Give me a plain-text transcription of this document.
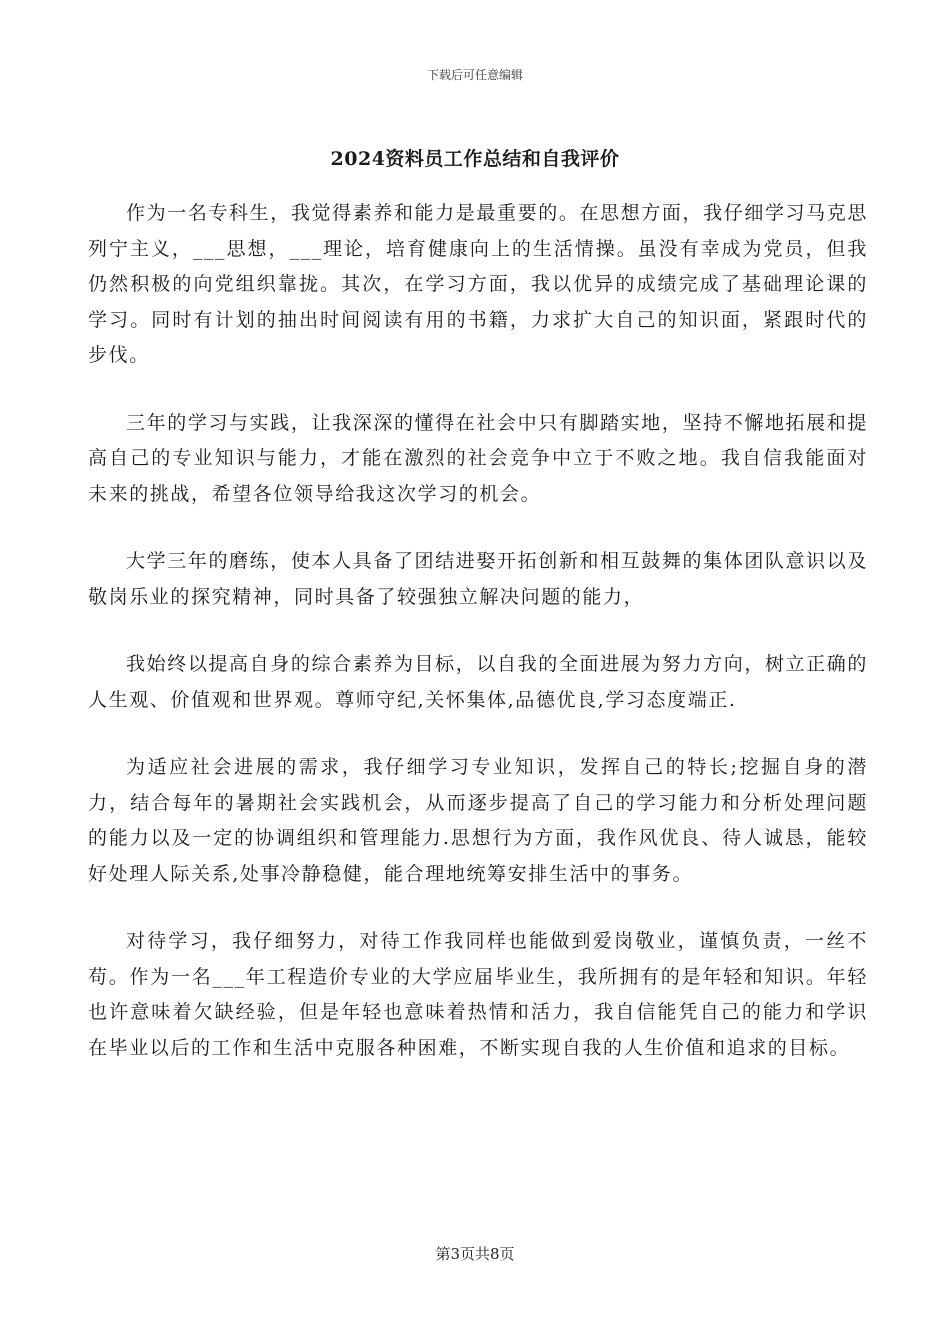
下载后可任意编辑
2024资料员工作总结和自我评价

作为一名专科生，我觉得素养和能力是最重要的。在思想方面，我仔细学习马克思列宁主义，___思想，___理论，培育健康向上的生活情操。虽没有幸成为党员，但我仍然积极的向党组织靠拢。其次，在学习方面，我以优异的成绩完成了基础理论课的学习。同时有计划的抽出时间阅读有用的书籍，力求扩大自己的知识面，紧跟时代的步伐。

三年的学习与实践，让我深深的懂得在社会中只有脚踏实地，坚持不懈地拓展和提高自己的专业知识与能力，才能在激烈的社会竞争中立于不败之地。我自信我能面对未来的挑战，希望各位领导给我这次学习的机会。

大学三年的磨练，使本人具备了团结进娶开拓创新和相互鼓舞的集体团队意识以及敬岗乐业的探究精神，同时具备了较强独立解决问题的能力，

我始终以提高自身的综合素养为目标，以自我的全面进展为努力方向，树立正确的人生观、价值观和世界观。尊师守纪,关怀集体,品德优良,学习态度端正.

为适应社会进展的需求，我仔细学习专业知识，发挥自己的特长;挖掘自身的潜力，结合每年的暑期社会实践机会，从而逐步提高了自己的学习能力和分析处理问题的能力以及一定的协调组织和管理能力.思想行为方面，我作风优良、待人诚恳，能较好处理人际关系,处事冷静稳健，能合理地统筹安排生活中的事务。

对待学习，我仔细努力，对待工作我同样也能做到爱岗敬业，谨慎负责，一丝不苟。作为一名___年工程造价专业的大学应届毕业生，我所拥有的是年轻和知识。年轻也许意味着欠缺经验，但是年轻也意味着热情和活力，我自信能凭自己的能力和学识在毕业以后的工作和生活中克服各种困难，不断实现自我的人生价值和追求的目标。

第3页共8页
